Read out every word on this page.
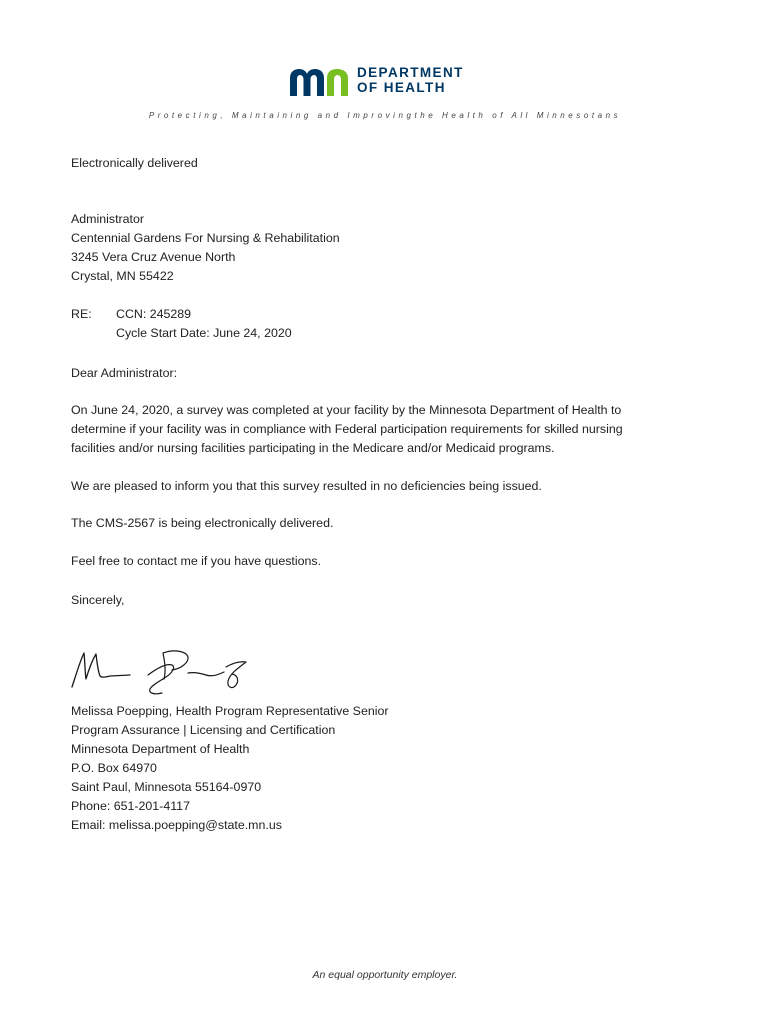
DEPARTMENT
OF HEALTH
Protecting, Maintaining and Improvingthe Health of All Minnesotans
Electronically delivered
Administrator
Centennial Gardens For Nursing & Rehabilitation
3245 Vera Cruz Avenue North
Crystal, MN 55422
RE: CCN: 245289
Cycle Start Date: June 24, 2020
Dear Administrator:
On June 24, 2020, a survey was completed at your facility by the Minnesota Department of Health to
determine if your facility was in compliance with Federal participation requirements for skilled nursing
facilities and/or nursing facilities participating in the Medicare and/or Medicaid programs.
We are pleased to inform you that this survey resulted in no deficiencies being issued.
The CMS-2567 is being electronically delivered.
Feel free to contact me if you have questions.
Sincerely,
Melissa Poepping, Health Program Representative Senior
Program Assurance | Licensing and Certification
Minnesota Department of Health
P.O. Box 64970
Saint Paul, Minnesota 55164-0970
Phone: 651-201-4117
Email: melissa.poepping@state.mn.us
An equal opportunity employer.
